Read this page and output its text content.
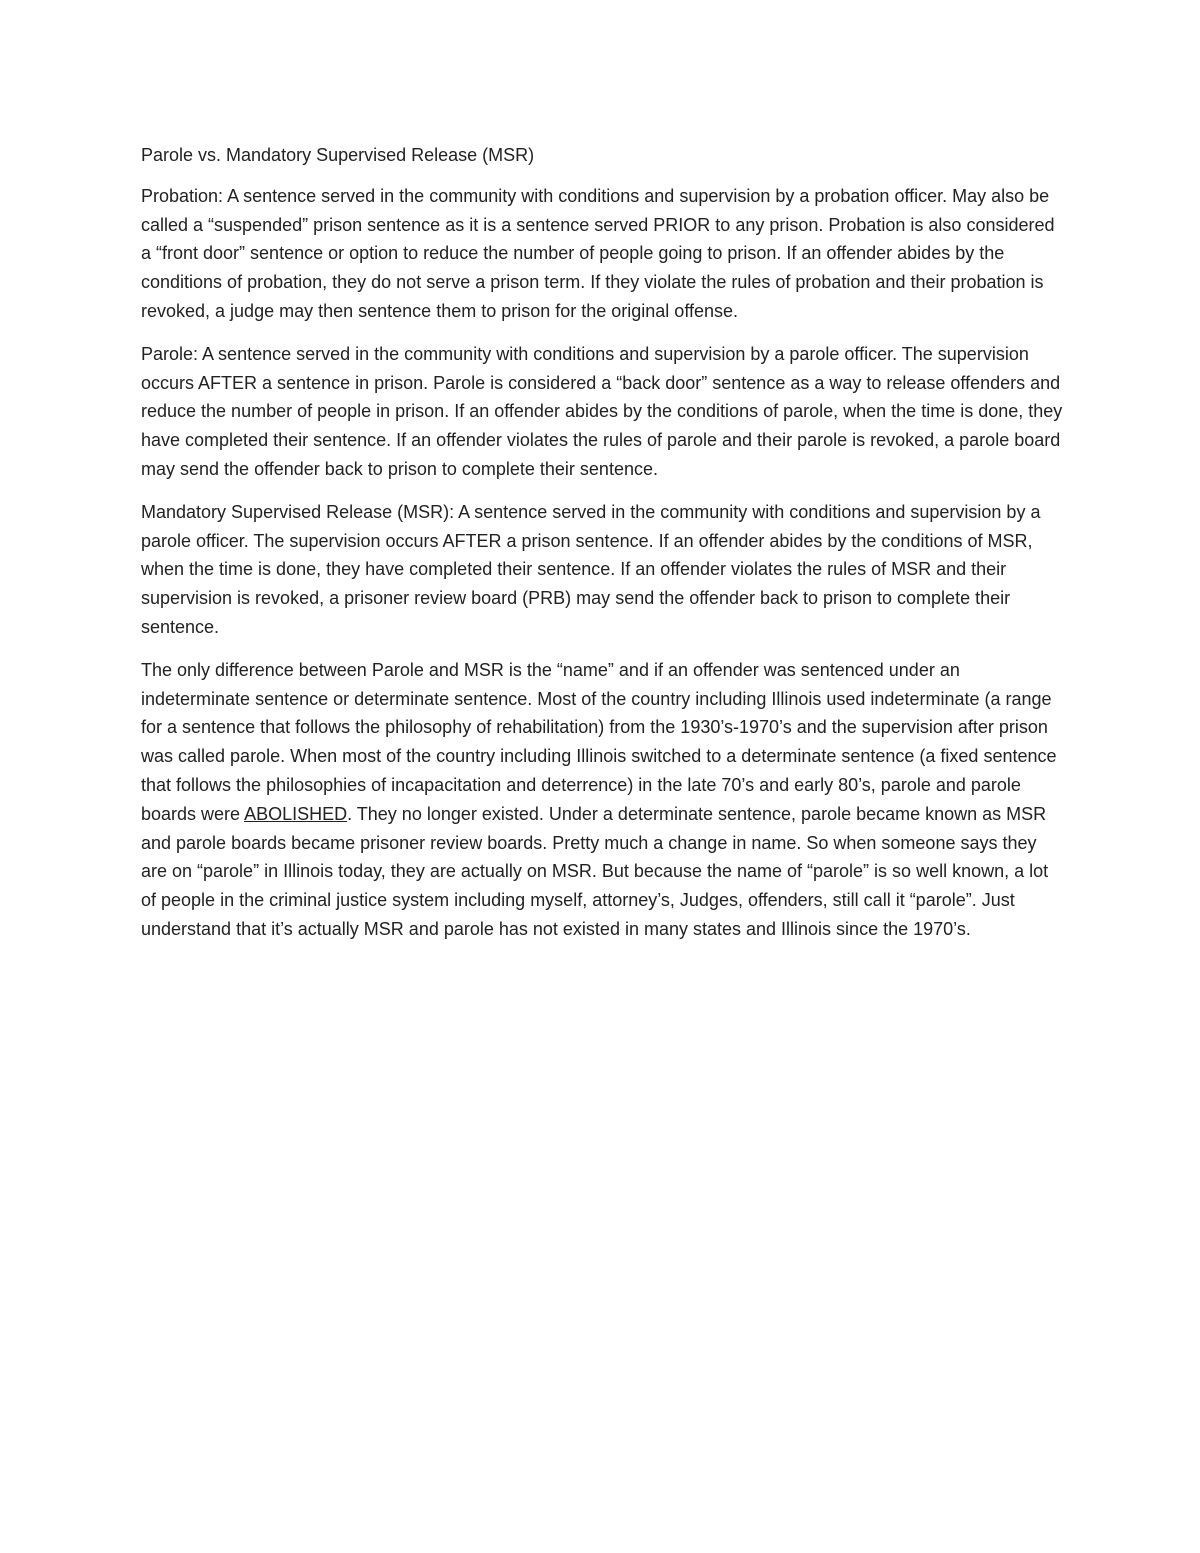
Parole vs. Mandatory Supervised Release (MSR)

Probation: A sentence served in the community with conditions and supervision by a probation officer. May also be called a “suspended” prison sentence as it is a sentence served PRIOR to any prison. Probation is also considered a “front door” sentence or option to reduce the number of people going to prison. If an offender abides by the conditions of probation, they do not serve a prison term. If they violate the rules of probation and their probation is revoked, a judge may then sentence them to prison for the original offense.

Parole: A sentence served in the community with conditions and supervision by a parole officer. The supervision occurs AFTER a sentence in prison. Parole is considered a “back door” sentence as a way to release offenders and reduce the number of people in prison. If an offender abides by the conditions of parole, when the time is done, they have completed their sentence. If an offender violates the rules of parole and their parole is revoked, a parole board may send the offender back to prison to complete their sentence.

Mandatory Supervised Release (MSR): A sentence served in the community with conditions and supervision by a parole officer. The supervision occurs AFTER a prison sentence. If an offender abides by the conditions of MSR, when the time is done, they have completed their sentence. If an offender violates the rules of MSR and their supervision is revoked, a prisoner review board (PRB) may send the offender back to prison to complete their sentence.

The only difference between Parole and MSR is the “name” and if an offender was sentenced under an indeterminate sentence or determinate sentence. Most of the country including Illinois used indeterminate (a range for a sentence that follows the philosophy of rehabilitation) from the 1930’s-1970’s and the supervision after prison was called parole. When most of the country including Illinois switched to a determinate sentence (a fixed sentence that follows the philosophies of incapacitation and deterrence) in the late 70’s and early 80’s, parole and parole boards were ABOLISHED. They no longer existed. Under a determinate sentence, parole became known as MSR and parole boards became prisoner review boards. Pretty much a change in name. So when someone says they are on “parole” in Illinois today, they are actually on MSR. But because the name of “parole” is so well known, a lot of people in the criminal justice system including myself, attorney’s, Judges, offenders, still call it “parole”. Just understand that it’s actually MSR and parole has not existed in many states and Illinois since the 1970’s.
